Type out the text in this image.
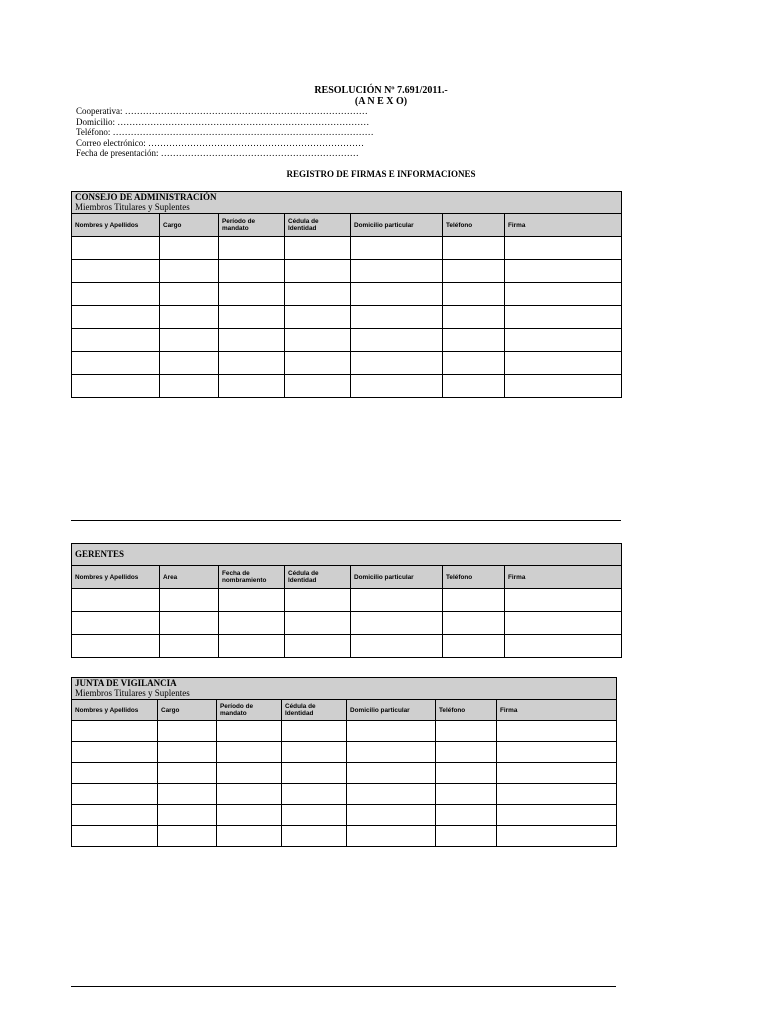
RESOLUCIÓN Nº 7.691/2011.-
(A N E X O)
Cooperativa: ………………………………………………………………………
Domicilio: …………………………………………………………………………
Teléfono: ……………………………………………………………………………
Correo electrónico: ………………………………………………………………
Fecha de presentación: …………………………………………………………
REGISTRO DE FIRMAS E INFORMACIONES
CONSEJO DE ADMINISTRACIÓN
Miembros Titulares y Suplentes						
Nombres y Apellidos	Cargo	Período de mandato	Cédula de Identidad	Domicilio particular	Teléfono	Firma

GERENTES						
Nombres y Apellidos	Area	Fecha de nombramiento	Cédula de Identidad	Domicilio particular	Teléfono	Firma

JUNTA DE VIGILANCIA
Miembros Titulares y Suplentes						
Nombres y Apellidos	Cargo	Período de mandato	Cédula de Identidad	Domicilio particular	Teléfono	Firma
